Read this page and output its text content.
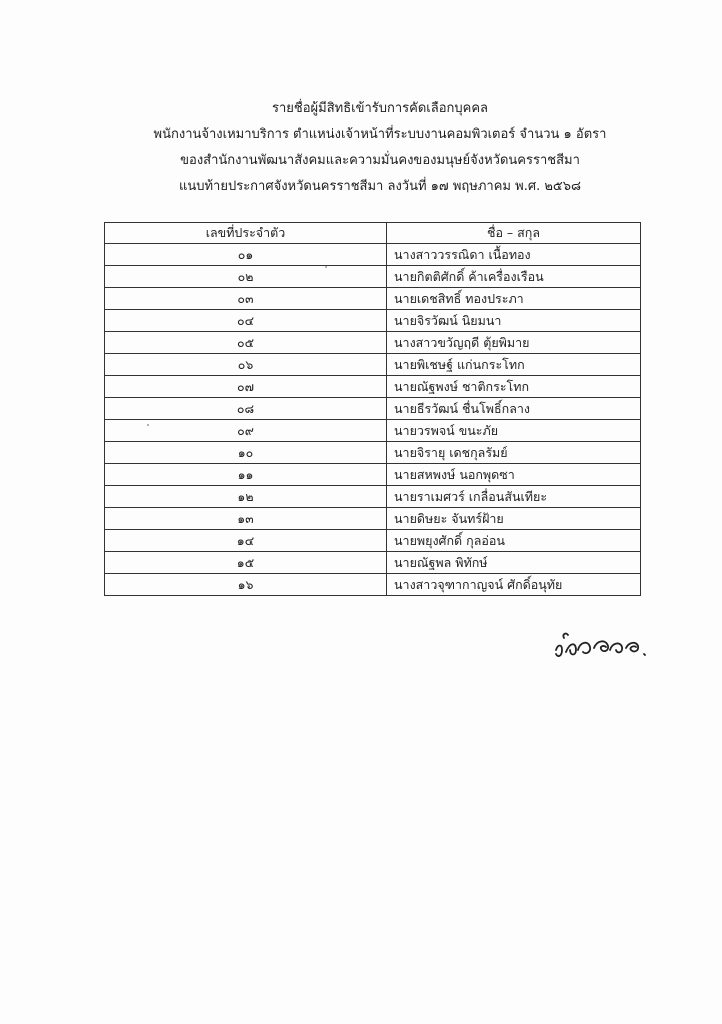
รายชื่อผู้มีสิทธิเข้ารับการคัดเลือกบุคคล
พนักงานจ้างเหมาบริการ ตำแหน่งเจ้าหน้าที่ระบบงานคอมพิวเตอร์ จำนวน ๑ อัตรา
ของสำนักงานพัฒนาสังคมและความมั่นคงของมนุษย์จังหวัดนครราชสีมา
แนบท้ายประกาศจังหวัดนครราชสีมา ลงวันที่ ๑๗ พฤษภาคม พ.ศ. ๒๕๖๘
เลขที่ประจำตัว	ชื่อ – สกุล
๐๑	นางสาววรรณิดา เนื้อทอง
๐๒	นายกิตติศักดิ์ ค้าเครื่องเรือน
๐๓	นายเดชสิทธิ์ ทองประภา
๐๔	นายจิรวัฒน์ นิยมนา
๐๕	นางสาวขวัญฤดี ตุ้ยพิมาย
๐๖	นายพิเชษฐ์ แก่นกระโทก
๐๗	นายณัฐพงษ์ ชาติกระโทก
๐๘	นายธีรวัฒน์ ชื่นโพธิ์กลาง
๐๙	นายวรพจน์ ขนะภัย
๑๐	นายจิรายุ เดชกุลรัมย์
๑๑	นายสหพงษ์ นอกพุดซา
๑๒	นายราเมศวร์ เกลื่อนสันเทียะ
๑๓	นายดิษยะ จันทร์ฝ้าย
๑๔	นายพยุงศักดิ์ กุลอ่อน
๑๕	นายณัฐพล พิทักษ์
๑๖	นางสาวจุฑากาญจน์ ศักดิ์อนุทัย
